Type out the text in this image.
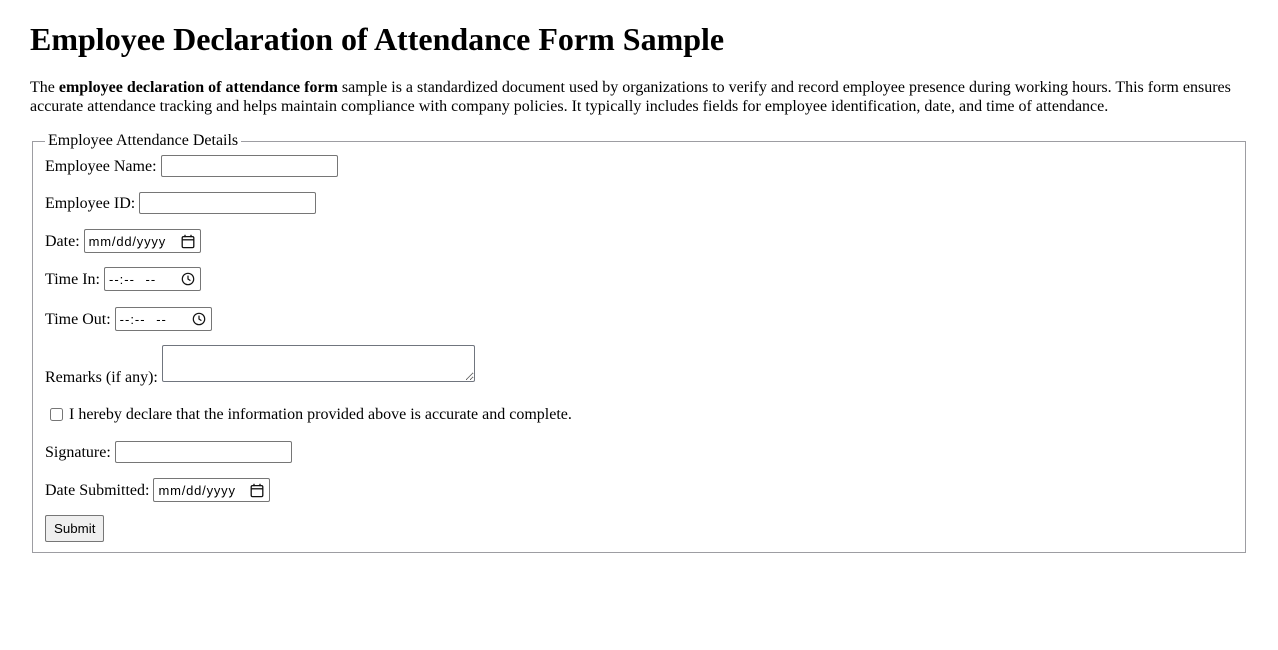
Employee Declaration of Attendance Form Sample

The employee declaration of attendance form sample is a standardized document used by organizations to verify and record employee presence during working hours. This form ensures accurate attendance tracking and helps maintain compliance with company policies. It typically includes fields for employee identification, date, and time of attendance.

Employee Attendance Details
Employee Name:
Employee ID:
Date: mm/dd/yyyy
Time In: --:-- --
Time Out: --:-- --
Remarks (if any):
I hereby declare that the information provided above is accurate and complete.
Signature:
Date Submitted: mm/dd/yyyy
Submit
